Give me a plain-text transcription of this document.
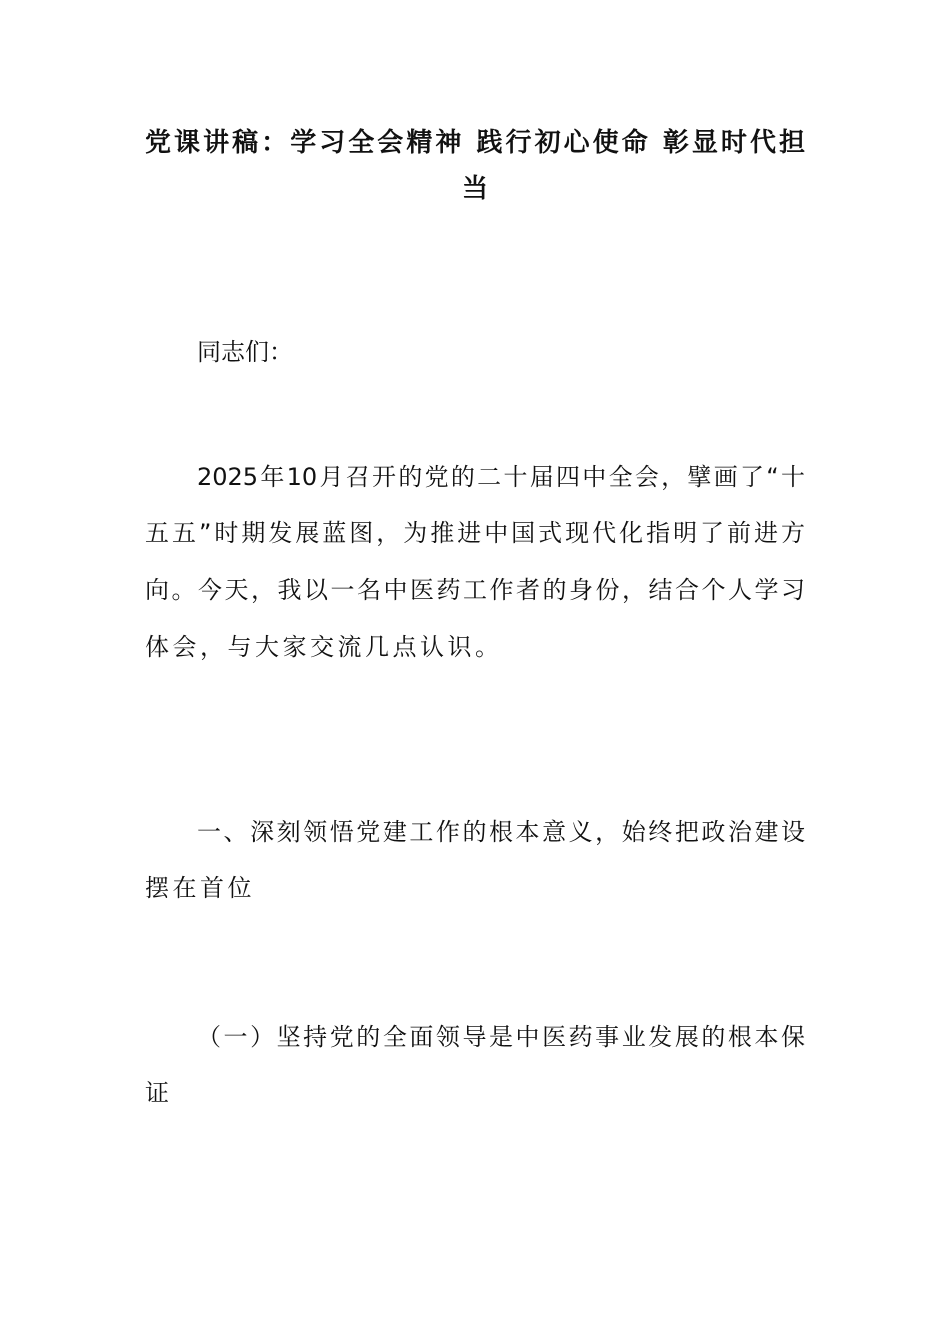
党课讲稿：学习全会精神 践行初心使命 彰显时代担
当
同志们：
2025年10月召开的党的二十届四中全会，擘画了“十
五五”时期发展蓝图，为推进中国式现代化指明了前进方
向。今天，我以一名中医药工作者的身份，结合个人学习
体会，与大家交流几点认识。
一、深刻领悟党建工作的根本意义，始终把政治建设
摆在首位
（一）坚持党的全面领导是中医药事业发展的根本保
证
